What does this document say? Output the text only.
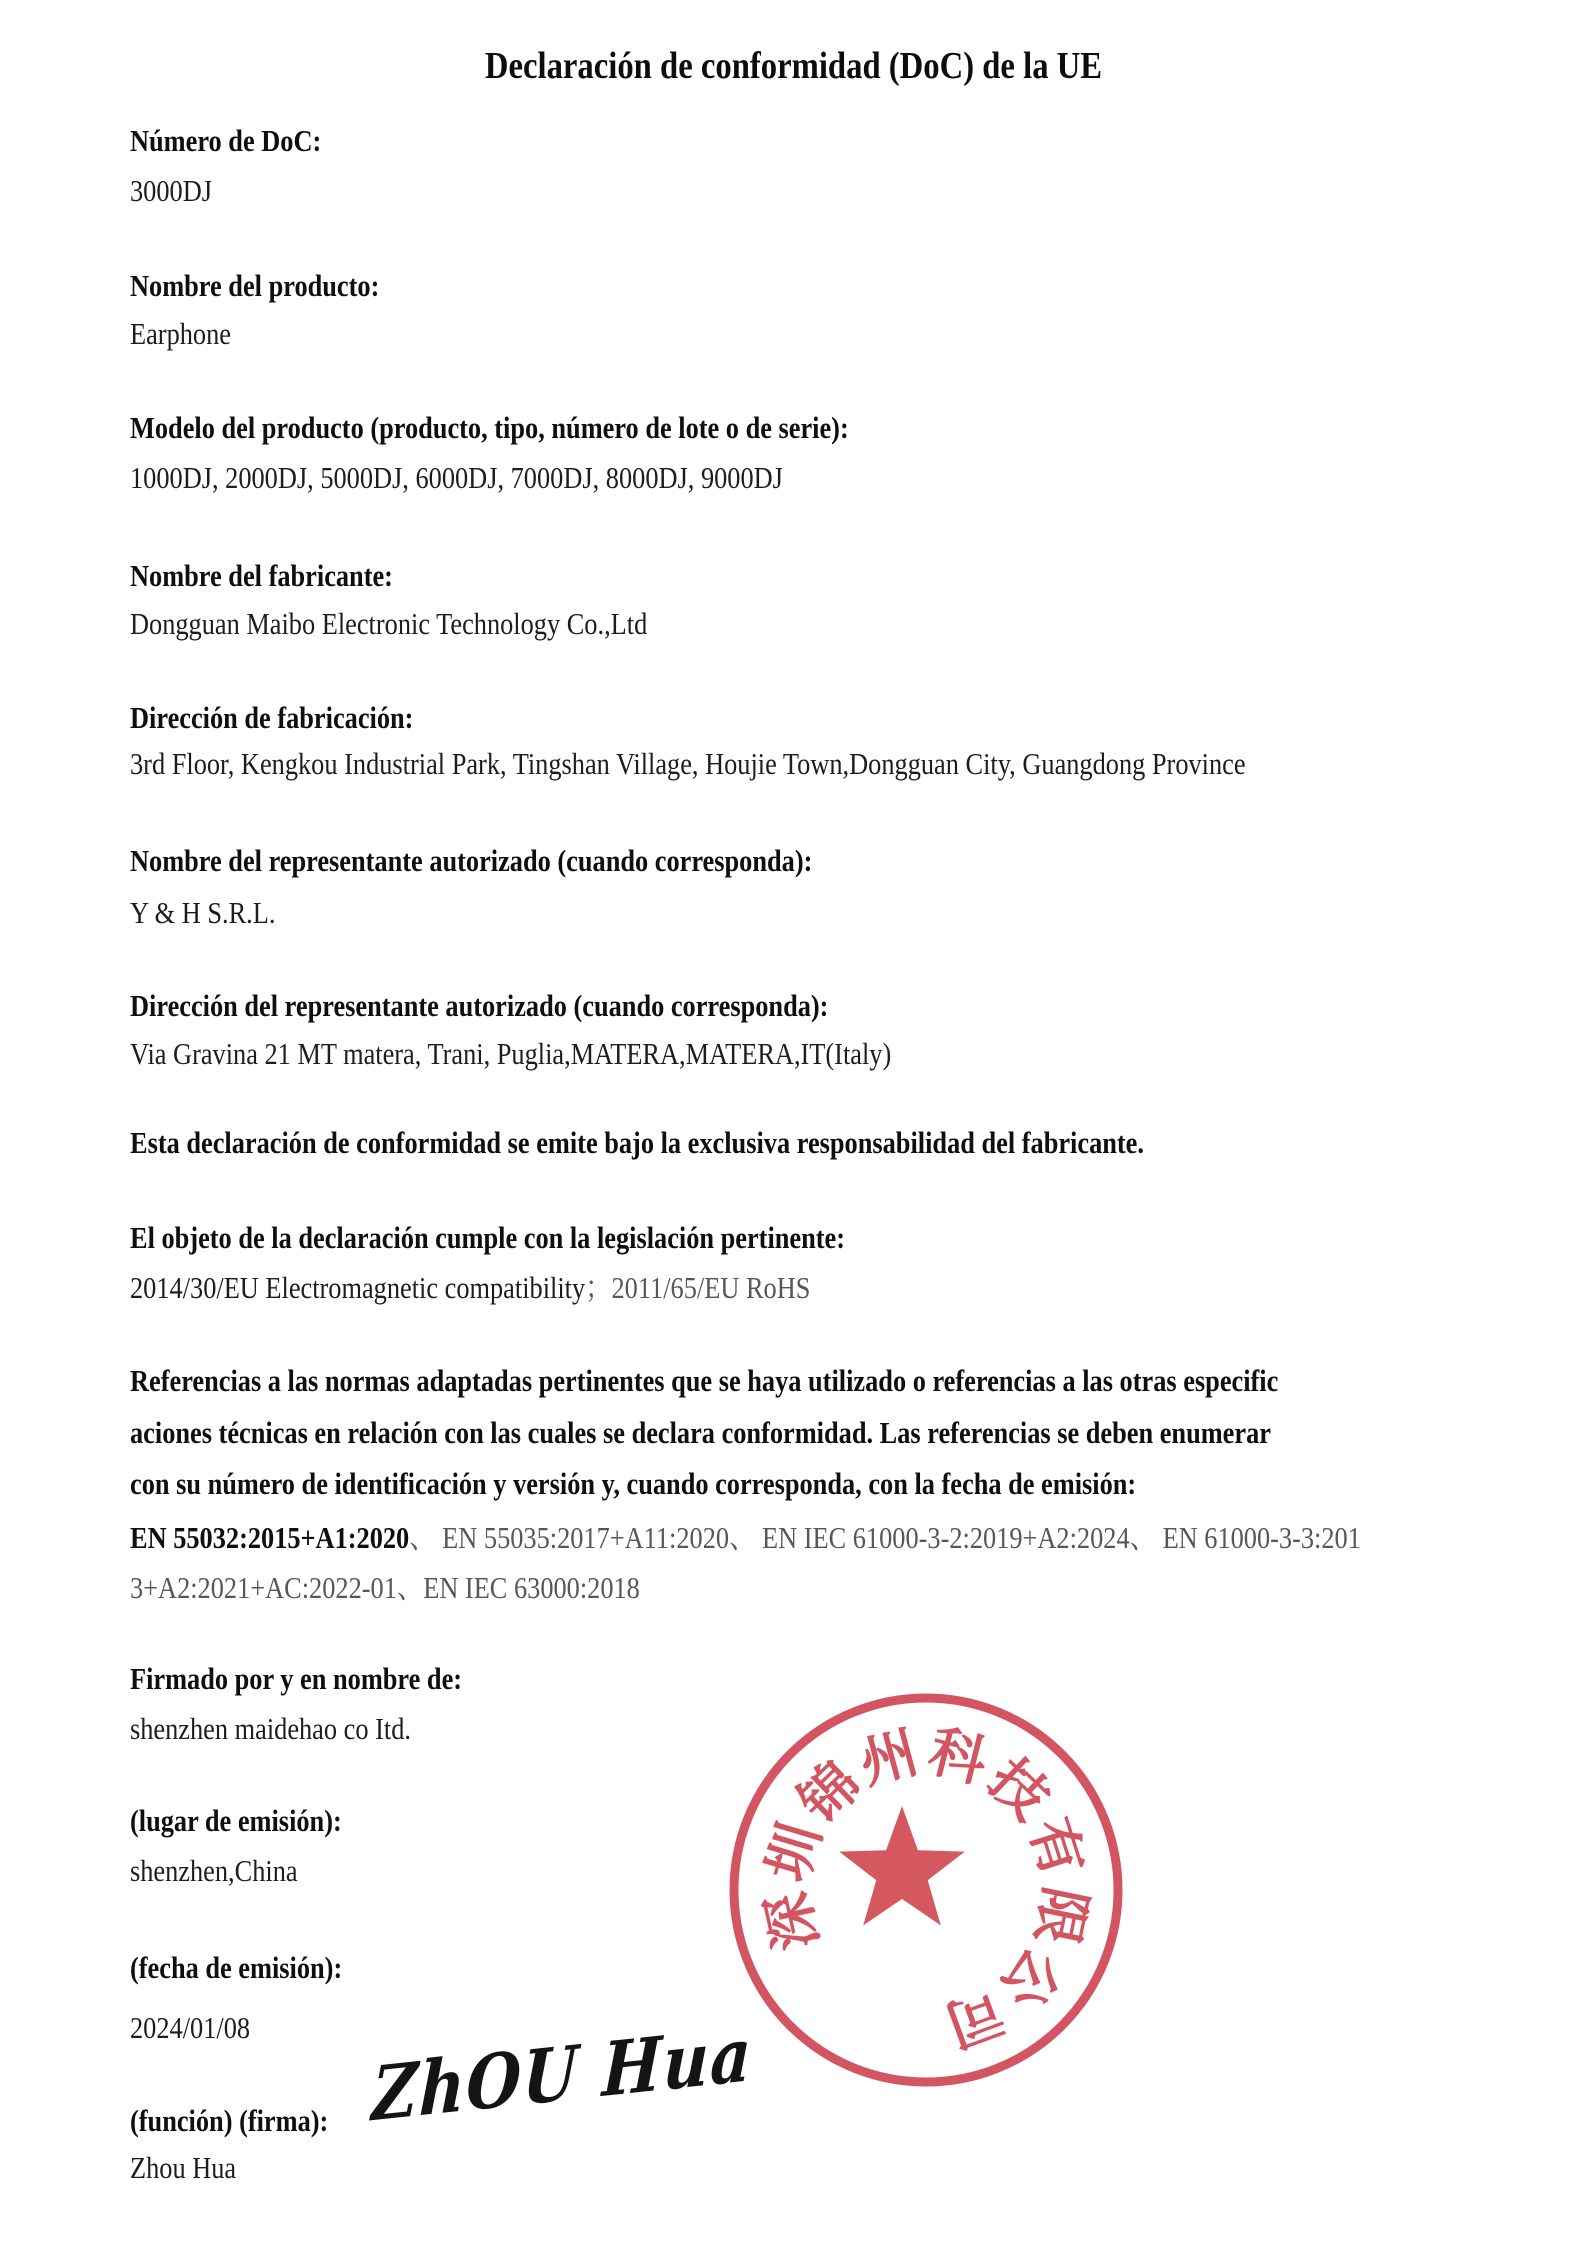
Declaración de conformidad (DoC) de la UE
Número de DoC:
3000DJ
Nombre del producto:
Earphone
Modelo del producto (producto, tipo, número de lote o de serie):
1000DJ, 2000DJ, 5000DJ, 6000DJ, 7000DJ, 8000DJ, 9000DJ
Nombre del fabricante:
Dongguan Maibo Electronic Technology Co.,Ltd
Dirección de fabricación:
3rd Floor, Kengkou Industrial Park, Tingshan Village, Houjie Town,Dongguan City, Guangdong Province
Nombre del representante autorizado (cuando corresponda):
Y & H S.R.L.
Dirección del representante autorizado (cuando corresponda):
Via Gravina 21 MT matera, Trani, Puglia,MATERA,MATERA,IT(Italy)
Esta declaración de conformidad se emite bajo la exclusiva responsabilidad del fabricante.
El objeto de la declaración cumple con la legislación pertinente:
2014/30/EU Electromagnetic compatibility；2011/65/EU RoHS
Referencias a las normas adaptadas pertinentes que se haya utilizado o referencias a las otras especific
aciones técnicas en relación con las cuales se declara conformidad. Las referencias se deben enumerar
con su número de identificación y versión y, cuando corresponda, con la fecha de emisión:
EN 55032:2015+A1:2020、 EN 55035:2017+A11:2020、 EN IEC 61000-3-2:2019+A2:2024、 EN 61000-3-3:201
3+A2:2021+AC:2022-01、EN IEC 63000:2018
Firmado por y en nombre de:
shenzhen maidehao co Itd.
(lugar de emisión):
shenzhen,China
(fecha de emisión):
2024/01/08
(función) (firma):
Zhou Hua
ZhOU Hua
深圳锦州科技有限公司
